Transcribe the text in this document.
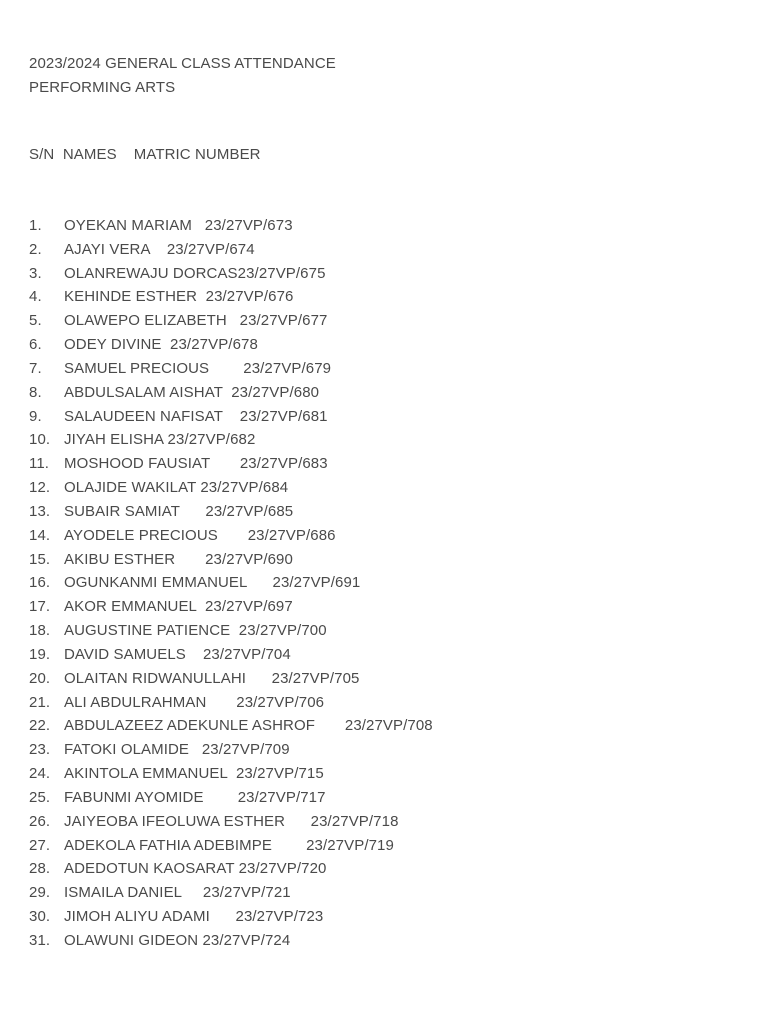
2023/2024 GENERAL CLASS ATTENDANCE
PERFORMING ARTS
S/N  NAMES    MATRIC NUMBER
1. OYEKAN MARIAM   23/27VP/673
2. AJAYI VERA    23/27VP/674
3. OLANREWAJU DORCAS23/27VP/675
4. KEHINDE ESTHER  23/27VP/676
5. OLAWEPO ELIZABETH   23/27VP/677
6. ODEY DIVINE  23/27VP/678
7. SAMUEL PRECIOUS        23/27VP/679
8. ABDULSALAM AISHAT  23/27VP/680
9. SALAUDEEN NAFISAT    23/27VP/681
10. JIYAH ELISHA 23/27VP/682
11. MOSHOOD FAUSIAT       23/27VP/683
12. OLAJIDE WAKILAT 23/27VP/684
13. SUBAIR SAMIAT      23/27VP/685
14. AYODELE PRECIOUS       23/27VP/686
15. AKIBU ESTHER       23/27VP/690
16. OGUNKANMI EMMANUEL      23/27VP/691
17. AKOR EMMANUEL  23/27VP/697
18. AUGUSTINE PATIENCE  23/27VP/700
19. DAVID SAMUELS    23/27VP/704
20. OLAITAN RIDWANULLAHI      23/27VP/705
21. ALI ABDULRAHMAN       23/27VP/706
22. ABDULAZEEZ ADEKUNLE ASHROF       23/27VP/708
23. FATOKI OLAMIDE   23/27VP/709
24. AKINTOLA EMMANUEL  23/27VP/715
25. FABUNMI AYOMIDE        23/27VP/717
26. JAIYEOBA IFEOLUWA ESTHER      23/27VP/718
27. ADEKOLA FATHIA ADEBIMPE        23/27VP/719
28. ADEDOTUN KAOSARAT 23/27VP/720
29. ISMAILA DANIEL     23/27VP/721
30. JIMOH ALIYU ADAMI      23/27VP/723
31. OLAWUNI GIDEON 23/27VP/724
